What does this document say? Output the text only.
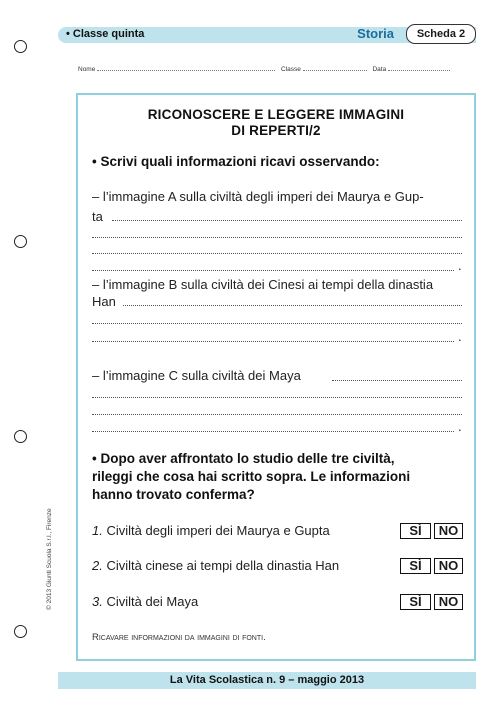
• Classe quinta	Storia	Scheda 2
Nome	Classe	Data
RICONOSCERE E LEGGERE IMMAGINI
DI REPERTI/2
• Scrivi quali informazioni ricavi osservando:
– l’immagine A sulla civiltà degli imperi dei Maurya e Gup-
ta
.
– l’immagine B sulla civiltà dei Cinesi ai tempi della dinastia
Han
.
– l’immagine C sulla civiltà dei Maya
.
• Dopo aver affrontato lo studio delle tre civiltà,
rileggi che cosa hai scritto sopra. Le informazioni
hanno trovato conferma?
1. Civiltà degli imperi dei Maurya e Gupta	SÌ	NO
2. Civiltà cinese ai tempi della dinastia Han	SÌ	NO
3. Civiltà dei Maya	SÌ	NO
Ricavare informazioni da immagini di fonti.
© 2013 Giunti Scuola S.r.l., Firenze
La Vita Scolastica n. 9 – maggio 2013
